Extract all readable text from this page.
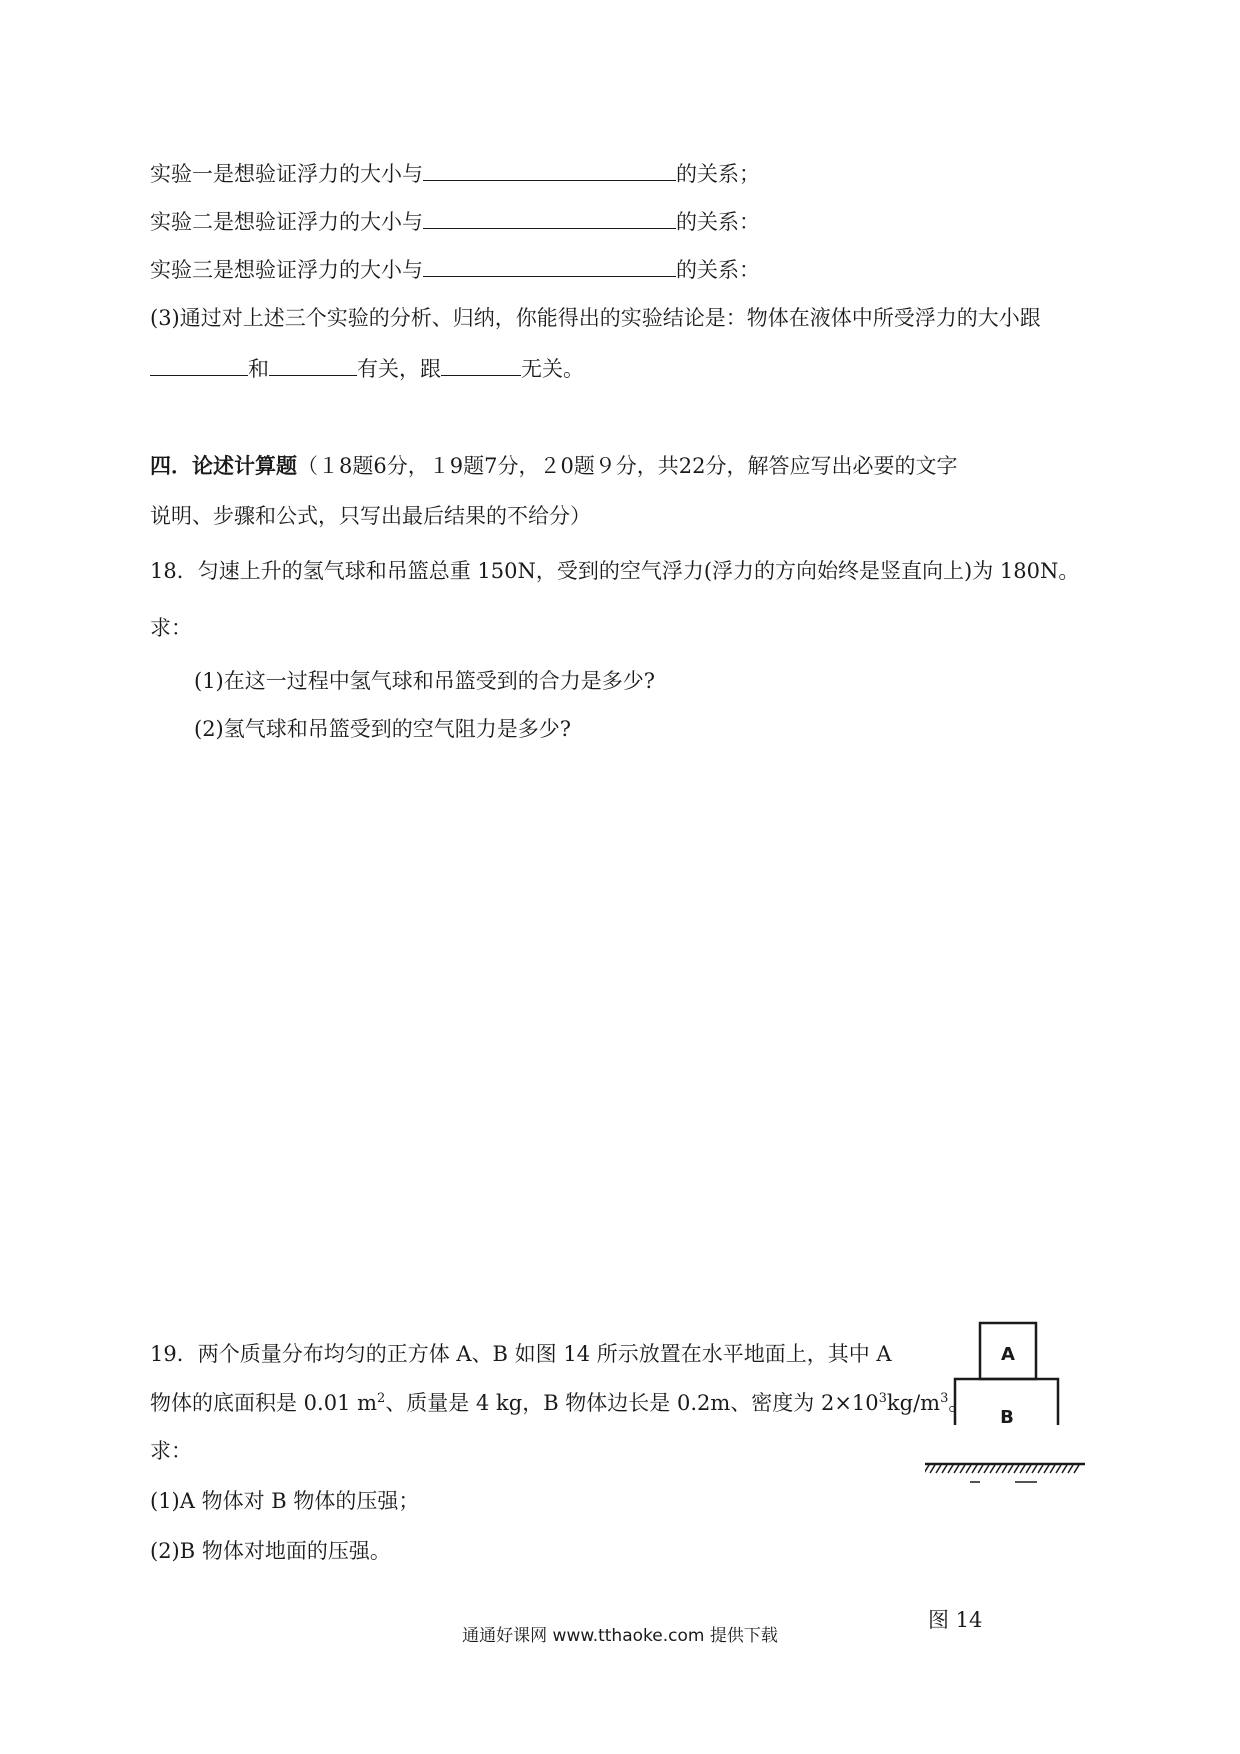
实验一是想验证浮力的大小与	的关系；
实验二是想验证浮力的大小与	的关系：
实验三是想验证浮力的大小与	的关系：
(3)通过对上述三个实验的分析、归纳，你能得出的实验结论是：物体在液体中所受浮力的大小跟
和	有关，跟	无关。
四．论述计算题（１8题6分，１9题7分，２0题９分，共22分，解答应写出必要的文字
说明、步骤和公式，只写出最后结果的不给分）
18．匀速上升的氢气球和吊篮总重 150N，受到的空气浮力(浮力的方向始终是竖直向上)为 180N。
求：
(1)在这一过程中氢气球和吊篮受到的合力是多少?
(2)氢气球和吊篮受到的空气阻力是多少?
19．两个质量分布均匀的正方体 A、B 如图 14 所示放置在水平地面上，其中 A
物体的底面积是 0.01 $m^2$、质量是 4 kg，B 物体边长是 0.2m、密度为 $2\times 10^3kg/m^3$。
求：
(1)A 物体对 B 物体的压强；
(2)B 物体对地面的压强。
A
B
图 14
通通好课网 www.tthaoke.com 提供下载
